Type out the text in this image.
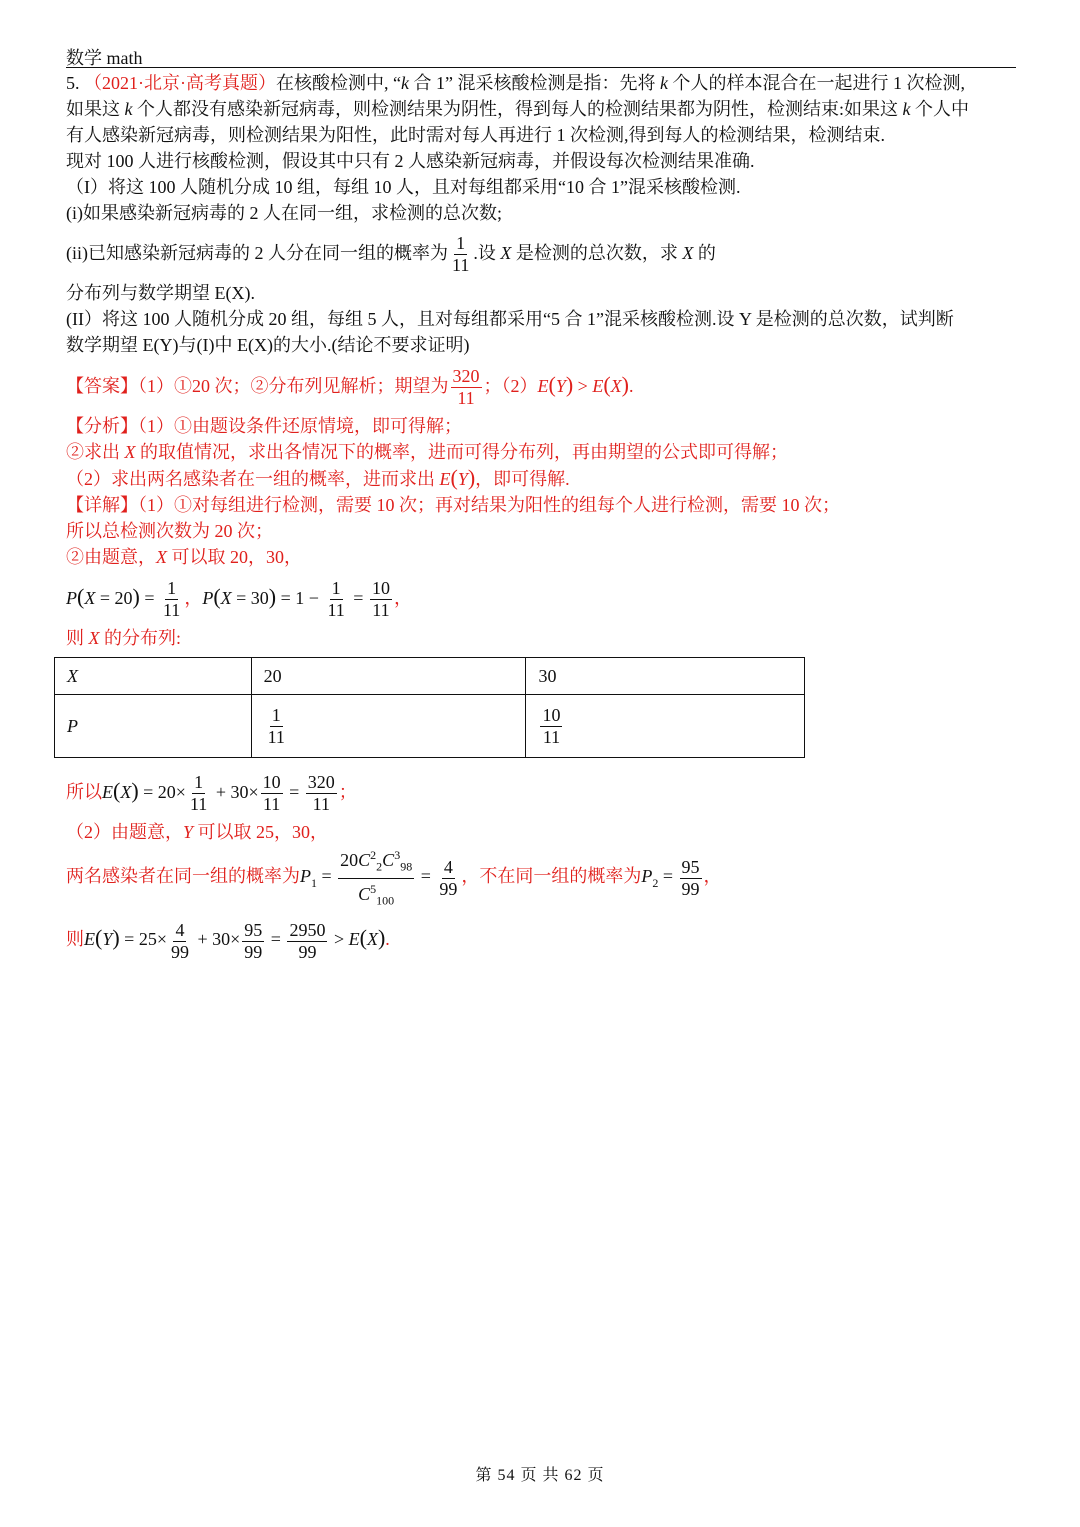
数学 math
5. （2021·北京·高考真题）在核酸检测中, “k 合 1” 混采核酸检测是指：先将 k 个人的样本混合在一起进行 1 次检测,
如果这 k 个人都没有感染新冠病毒，则检测结果为阴性，得到每人的检测结果都为阴性，检测结束:如果这 k 个人中
有人感染新冠病毒，则检测结果为阳性，此时需对每人再进行 1 次检测,得到每人的检测结果，检测结束.
现对 100 人进行核酸检测，假设其中只有 2 人感染新冠病毒，并假设每次检测结果准确.
（I）将这 100 人随机分成 10 组，每组 10 人，且对每组都采用“10 合 1”混采核酸检测.
(i)如果感染新冠病毒的 2 人在同一组，求检测的总次数;
(ii)已知感染新冠病毒的 2 人分在同一组的概率为 $\frac{1}{11}$ .设 X 是检测的总次数，求 X 的
分布列与数学期望 E(X).
(II）将这 100 人随机分成 20 组，每组 5 人，且对每组都采用“5 合 1”混采核酸检测.设 Y 是检测的总次数，试判断
数学期望 E(Y)与(I)中 E(X)的大小.(结论不要求证明)
【答案】（1）①20 次；②分布列见解析；期望为 $\frac{320}{11}$ ；（2）E(Y) > E(X).
【分析】（1）①由题设条件还原情境，即可得解；
②求出 X 的取值情况，求出各情况下的概率，进而可得分布列，再由期望的公式即可得解；
（2）求出两名感染者在一组的概率，进而求出 E(Y)，即可得解.
【详解】（1）①对每组进行检测，需要 10 次；再对结果为阳性的组每个人进行检测，需要 10 次；
所以总检测次数为 20 次；
②由题意，X 可以取 20，30，
$P(X = 20) = \frac{1}{11}$ ，$P(X = 30) = 1 - \frac{1}{11} = \frac{10}{11}$ ，
则 X 的分布列:
X	20	30
P	$\frac{1}{11}$	$\frac{10}{11}$
所以$E(X) = 20\times \frac{1}{11} + 30\times \frac{10}{11} = \frac{320}{11}$ ；
（2）由题意，Y 可以取 25，30，
两名感染者在同一组的概率为$P_1 = \frac{20C^2_2C^3_{98}}{C^5_{100}} = \frac{4}{99}$ ，不在同一组的概率为$P_2 = \frac{95}{99}$ ，
则$E(Y) = 25\times \frac{4}{99} + 30\times \frac{95}{99} = \frac{2950}{99} > E(X)$.
第 54 页 共 62 页
